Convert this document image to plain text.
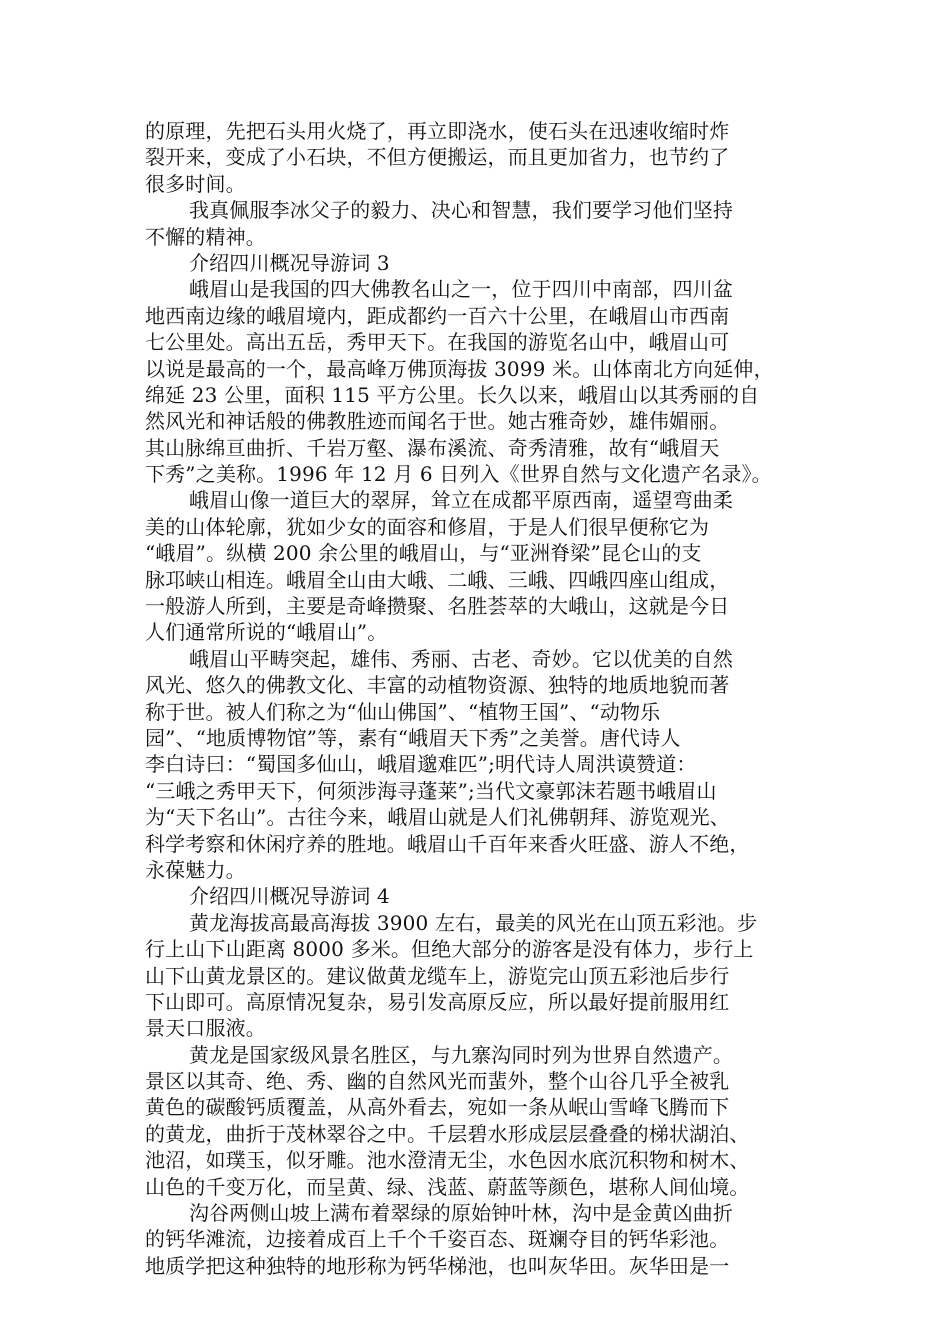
的原理，先把石头用火烧了，再立即浇水，使石头在迅速收缩时炸
裂开来，变成了小石块，不但方便搬运，而且更加省力，也节约了
很多时间。
我真佩服李冰父子的毅力、决心和智慧，我们要学习他们坚持
不懈的精神。
介绍四川概况导游词 3
峨眉山是我国的四大佛教名山之一，位于四川中南部，四川盆
地西南边缘的峨眉境内，距成都约一百六十公里，在峨眉山市西南
七公里处。高出五岳，秀甲天下。在我国的游览名山中，峨眉山可
以说是最高的一个，最高峰万佛顶海拔 3099 米。山体南北方向延伸，
绵延 23 公里，面积 115 平方公里。长久以来，峨眉山以其秀丽的自
然风光和神话般的佛教胜迹而闻名于世。她古雅奇妙，雄伟媚丽。
其山脉绵亘曲折、千岩万壑、瀑布溪流、奇秀清雅，故有“峨眉天
下秀”之美称。1996 年 12 月 6 日列入《世界自然与文化遗产名录》。
峨眉山像一道巨大的翠屏，耸立在成都平原西南，遥望弯曲柔
美的山体轮廓，犹如少女的面容和修眉，于是人们很早便称它为
“峨眉”。纵横 200 余公里的峨眉山，与“亚洲脊梁”昆仑山的支
脉邛峡山相连。峨眉全山由大峨、二峨、三峨、四峨四座山组成，
一般游人所到，主要是奇峰攒聚、名胜荟萃的大峨山，这就是今日
人们通常所说的“峨眉山”。
峨眉山平畴突起，雄伟、秀丽、古老、奇妙。它以优美的自然
风光、悠久的佛教文化、丰富的动植物资源、独特的地质地貌而著
称于世。被人们称之为“仙山佛国”、“植物王国”、“动物乐
园”、“地质博物馆”等，素有“峨眉天下秀”之美誉。唐代诗人
李白诗曰：“蜀国多仙山，峨眉邈难匹”;明代诗人周洪谟赞道：
“三峨之秀甲天下，何须涉海寻蓬莱”;当代文豪郭沫若题书峨眉山
为“天下名山”。古往今来，峨眉山就是人们礼佛朝拜、游览观光、
科学考察和休闲疗养的胜地。峨眉山千百年来香火旺盛、游人不绝，
永葆魅力。
介绍四川概况导游词 4
黄龙海拔高最高海拔 3900 左右，最美的风光在山顶五彩池。步
行上山下山距离 8000 多米。但绝大部分的游客是没有体力，步行上
山下山黄龙景区的。建议做黄龙缆车上，游览完山顶五彩池后步行
下山即可。高原情况复杂，易引发高原反应，所以最好提前服用红
景天口服液。
黄龙是国家级风景名胜区，与九寨沟同时列为世界自然遗产。
景区以其奇、绝、秀、幽的自然风光而蜚外，整个山谷几乎全被乳
黄色的碳酸钙质覆盖，从高外看去，宛如一条从岷山雪峰飞腾而下
的黄龙，曲折于茂林翠谷之中。千层碧水形成层层叠叠的梯状湖泊、
池沼，如璞玉，似牙雕。池水澄清无尘，水色因水底沉积物和树木、
山色的千变万化，而呈黄、绿、浅蓝、蔚蓝等颜色，堪称人间仙境。
沟谷两侧山坡上满布着翠绿的原始钟叶林，沟中是金黄凶曲折
的钙华滩流，边接着成百上千个千姿百态、斑斓夺目的钙华彩池。
地质学把这种独特的地形称为钙华梯池，也叫灰华田。灰华田是一
